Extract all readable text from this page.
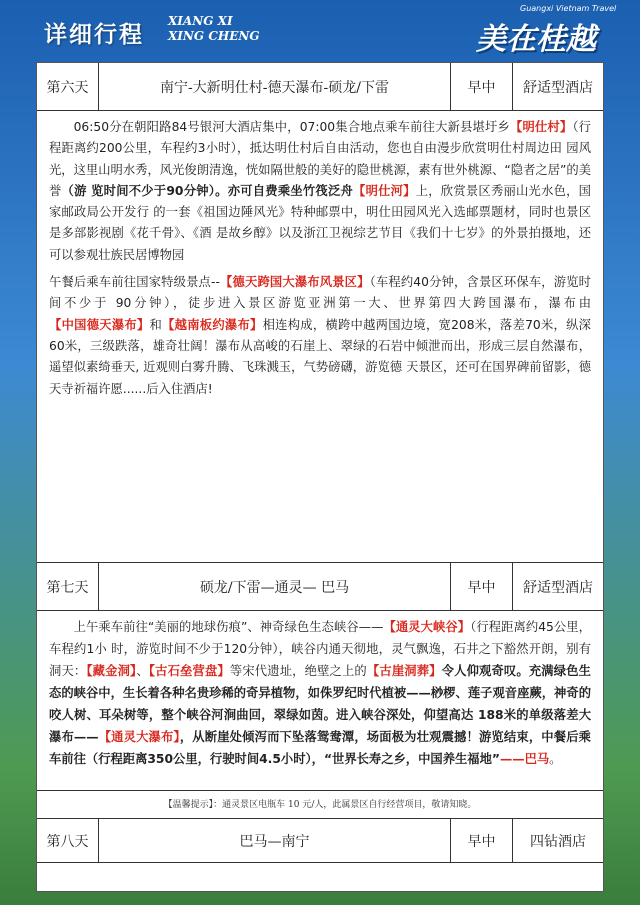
详细行程
XIANG XI
XING CHENG
Guangxi Vietnam Travel
美在桂越
第六天	南宁-大新明仕村-德天瀑布-硕龙/下雷	早中	舒适型酒店

06:50分在朝阳路84号银河大酒店集中，07:00集合地点乘车前往大新县堪圩乡【明仕村】（行程距离约200公里，车程约3小时），抵达明仕村后自由活动，您也自由漫步欣赏明仕村周边田 园风光，这里山明水秀，风光俊朗清逸，恍如隔世般的美好的隐世桃源，素有世外桃源、“隐者之居”的美誉（游 览时间不少于90分钟）。亦可自费乘坐竹筏泛舟【明仕河】上，欣赏景区秀丽山光水色，国家邮政局公开发行 的一套《祖国边陲风光》特种邮票中，明仕田园风光入选邮票题材，同时也景区是多部影视剧《花千骨》、《酒 是故乡醇》以及浙江卫视综艺节目《我们十七岁》的外景拍摄地，还可以参观壮族民居博物园

午餐后乘车前往国家特级景点--【德天跨国大瀑布风景区】（车程约40分钟，含景区环保车，游览时间不少于 90分钟），徒步进入景区游览亚洲第一大、世界第四大跨国瀑布，瀑布由【中国德天瀑布】和【越南板约瀑布】相连构成，横跨中越两国边境，宽208米，落差70米，纵深60米，三级跌落，雄奇壮阔！瀑布从高峻的石崖上、翠绿的石岩中倾泄而出，形成三层自然瀑布，遥望似素绮垂天, 近观则白雾升腾、飞珠溅玉，气势磅礴，游览德 天景区，还可在国界碑前留影，德天寺祈福许愿......后入住酒店!

第七天	硕龙/下雷—通灵— 巴马	早中	舒适型酒店

上午乘车前往“美丽的地球伤痕”、神奇绿色生态峡谷——【通灵大峡谷】（行程距离约45公里，车程约1小 时，游览时间不少于120分钟），峡谷内通天彻地，灵气飘逸，石井之下豁然开朗，别有洞天：【藏金洞】、【古石垒营盘】等宋代遗址，绝壁之上的【古崖洞葬】令人仰观奇叹。充满绿色生态的峡谷中，生长着各种名贵珍稀的奇异植物，如侏罗纪时代植被——桫椤、莲子观音座蕨，神奇的咬人树、耳朵树等，整个峡谷河涧曲回，翠绿如茵。进入峡谷深处，仰望高达 188米的单级落差大瀑布——【通灵大瀑布】，从断崖处倾泻而下坠落鸳鸯潭，场面极为壮观震撼！游览结束，中餐后乘车前往（行程距离350公里，行驶时间4.5小时），“世界长寿之乡，中国养生福地”——巴马。

【温馨提示】：通灵景区电瓶车 10 元/人，此属景区自行经营项目，敬请知晓。
第八天	巴马—南宁	早中	四钻酒店
